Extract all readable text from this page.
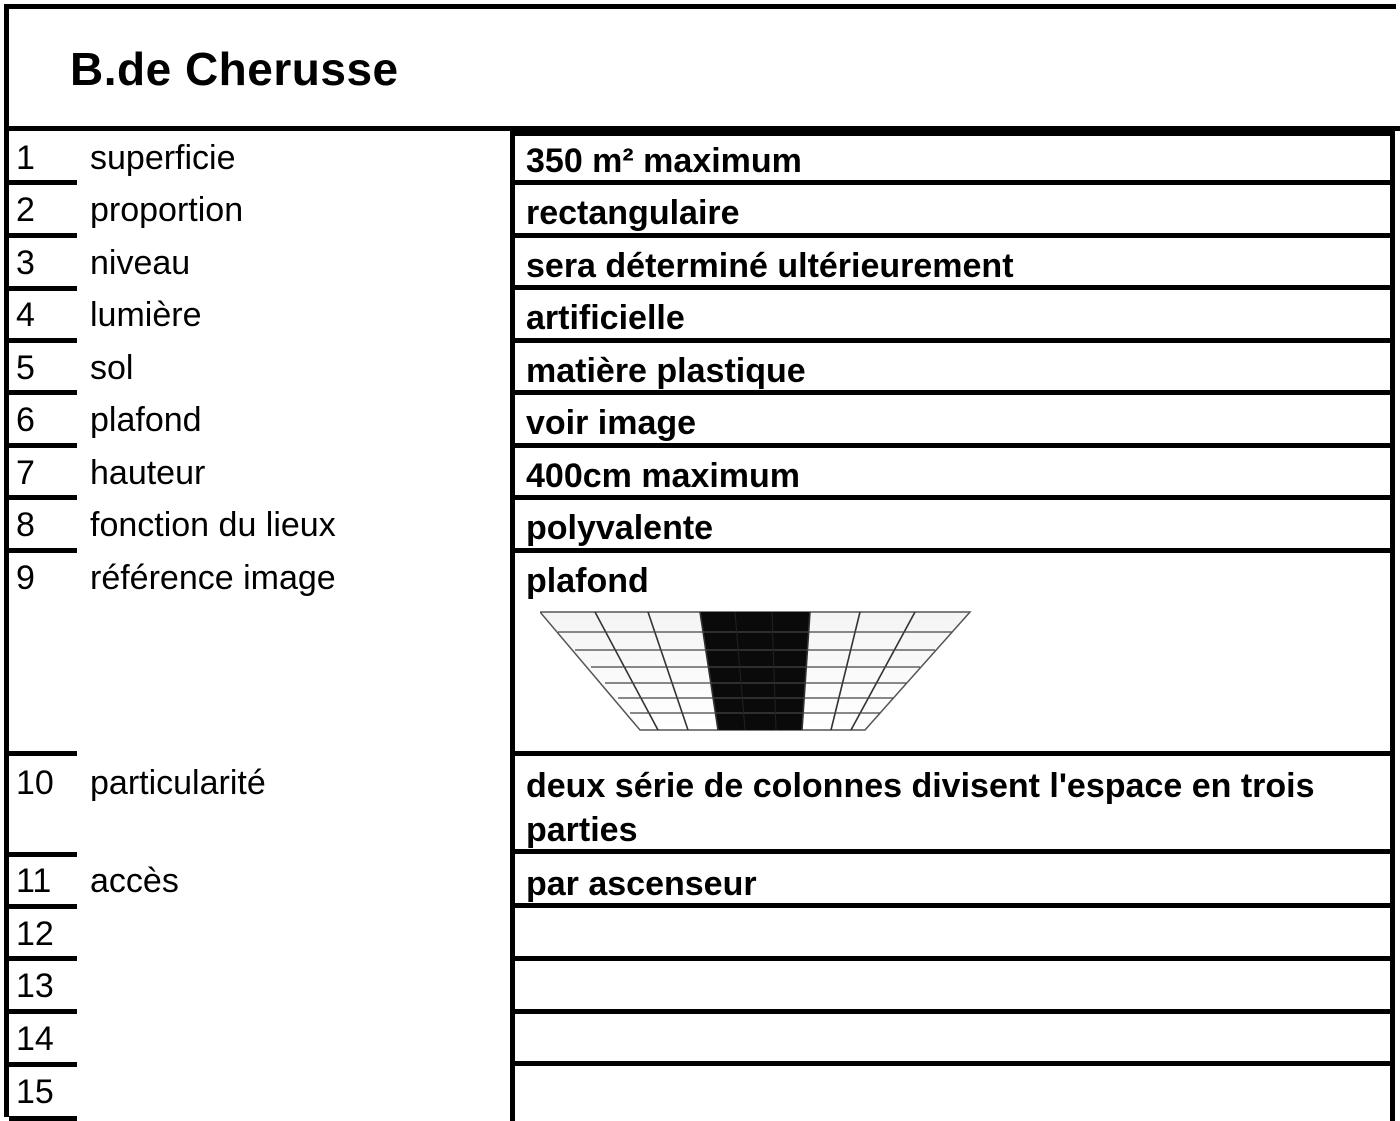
B.de Cherusse
1 superficie	350 m² maximum
2 proportion	rectangulaire
3 niveau	sera déterminé ultérieurement
4 lumière	artificielle
5 sol	matière plastique
6 plafond	voir image
7 hauteur	400cm maximum
8 fonction du lieux	polyvalente
9 référence image	plafond
10 particularité	deux série de colonnes divisent l'espace en trois parties
11 accès	par ascenseur
12
13
14
15
